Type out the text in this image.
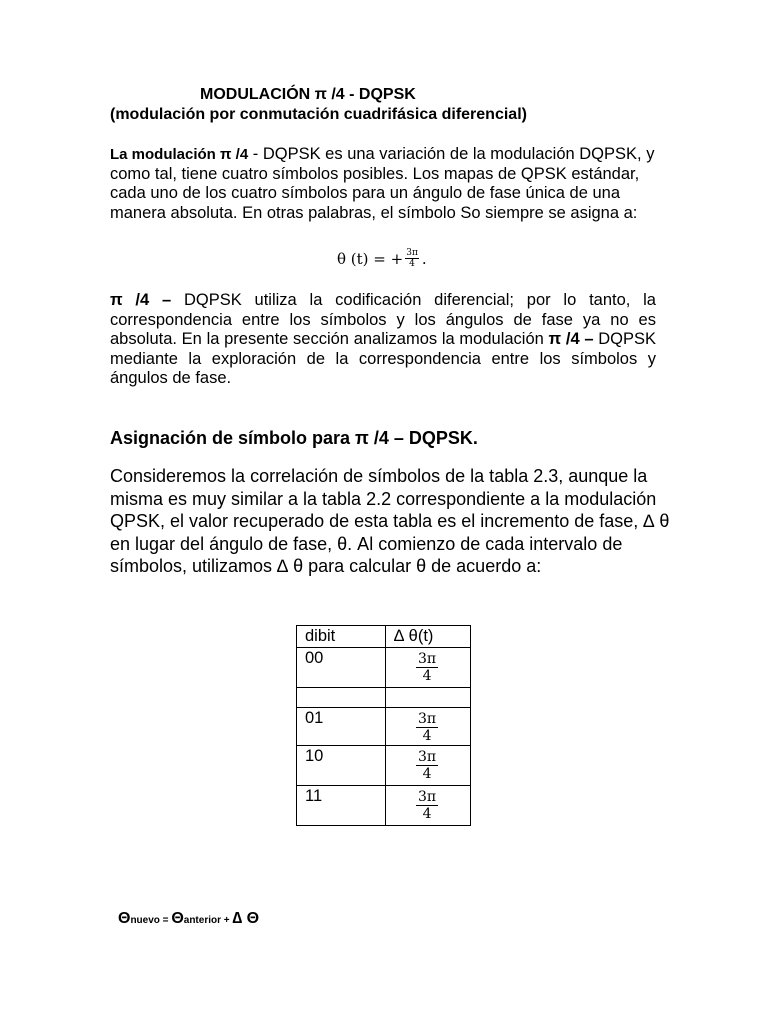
MODULACIÓN π /4 - DQPSK
(modulación por conmutación cuadrifásica diferencial)
La modulación π /4 - DQPSK es una variación de la modulación DQPSK, y como tal, tiene cuatro símbolos posibles. Los mapas de QPSK estándar, cada uno de los cuatro símbolos para un ángulo de fase única de una manera absoluta. En otras palabras, el símbolo So siempre se asigna a:
θ (t) = + $\frac{3\pi}{4}$ .
π /4 – DQPSK utiliza la codificación diferencial; por lo tanto, la correspondencia entre los símbolos y los ángulos de fase ya no es absoluta. En la presente sección analizamos la modulación π /4 – DQPSK mediante la exploración de la correspondencia entre los símbolos y ángulos de fase.
Asignación de símbolo para π /4 – DQPSK.
Consideremos la correlación de símbolos de la tabla 2.3, aunque la misma es muy similar a la tabla 2.2 correspondiente a la modulación QPSK, el valor recuperado de esta tabla es el incremento de fase, ∆ θ en lugar del ángulo de fase, θ. Al comienzo de cada intervalo de símbolos, utilizamos ∆ θ para calcular θ de acuerdo a:
dibit	∆ θ(t)
00	$\frac{3\pi}{4}$

01	$\frac{3\pi}{4}$

10	$\frac{3\pi}{4}$

11	$\frac{3\pi}{4}$
Θnuevo = Θanterior + ∆ Θ
